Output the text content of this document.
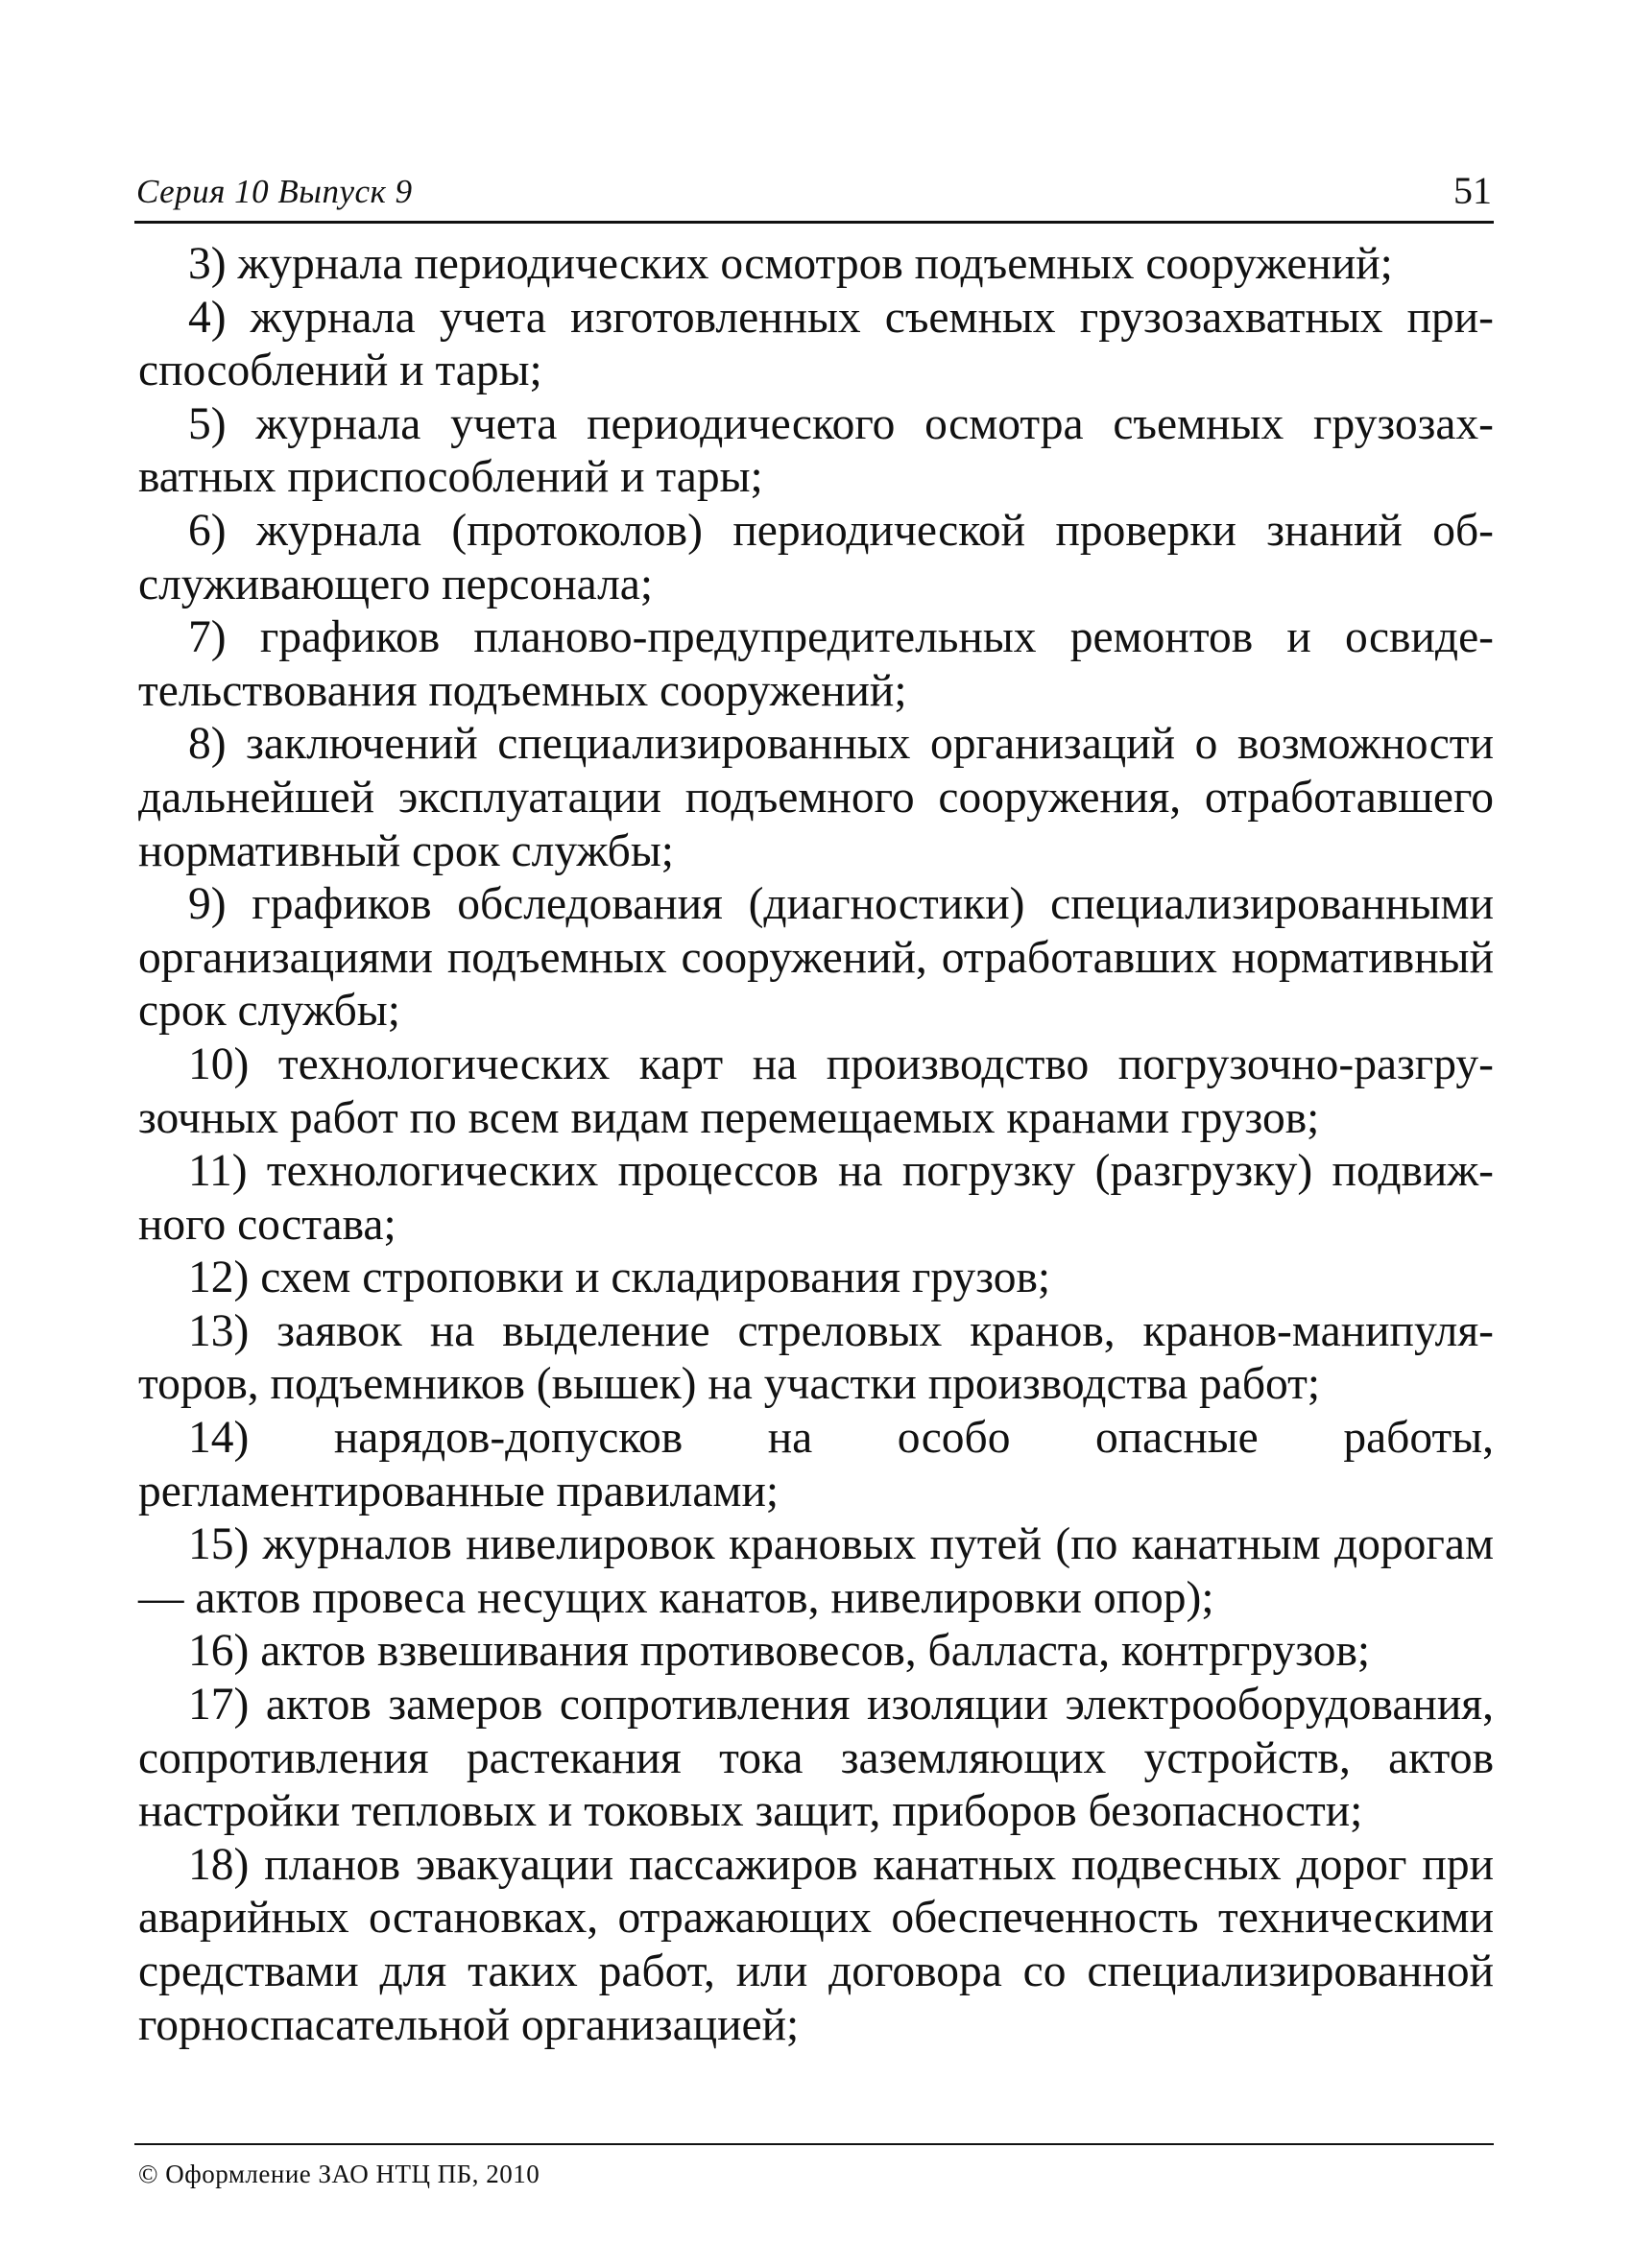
Серия 10 Выпуск 9	51

3) журнала периодических осмотров подъемных сооружений;

4) журнала учета изготовленных съемных грузозахватных приспособлений и тары;

5) журнала учета периодического осмотра съемных грузозахватных приспособлений и тары;

6) журнала (протоколов) периодической проверки знаний обслуживающего персонала;

7) графиков планово-предупредительных ремонтов и освидетельствования подъемных сооружений;

8) заключений специализированных организаций о возможности дальнейшей эксплуатации подъемного сооружения, отработавшего нормативный срок службы;

9) графиков обследования (диагностики) специализированными организациями подъемных сооружений, отработавших нормативный срок службы;

10) технологических карт на производство погрузочно-разгрузочных работ по всем видам перемещаемых кранами грузов;

11) технологических процессов на погрузку (разгрузку) подвижного состава;

12) схем строповки и складирования грузов;

13) заявок на выделение стреловых кранов, кранов-манипуляторов, подъемников (вышек) на участки производства работ;

14) нарядов-допусков на особо опасные работы, регламентированные правилами;

15) журналов нивелировок крановых путей (по канатным дорогам — актов провеса несущих канатов, нивелировки опор);

16) актов взвешивания противовесов, балласта, контргрузов;

17) актов замеров сопротивления изоляции электрооборудования, сопротивления растекания тока заземляющих устройств, актов настройки тепловых и токовых защит, приборов безопасности;

18) планов эвакуации пассажиров канатных подвесных дорог при аварийных остановках, отражающих обеспеченность техническими средствами для таких работ, или договора со специализированной горноспасательной организацией;

© Оформление ЗАО НТЦ ПБ, 2010
